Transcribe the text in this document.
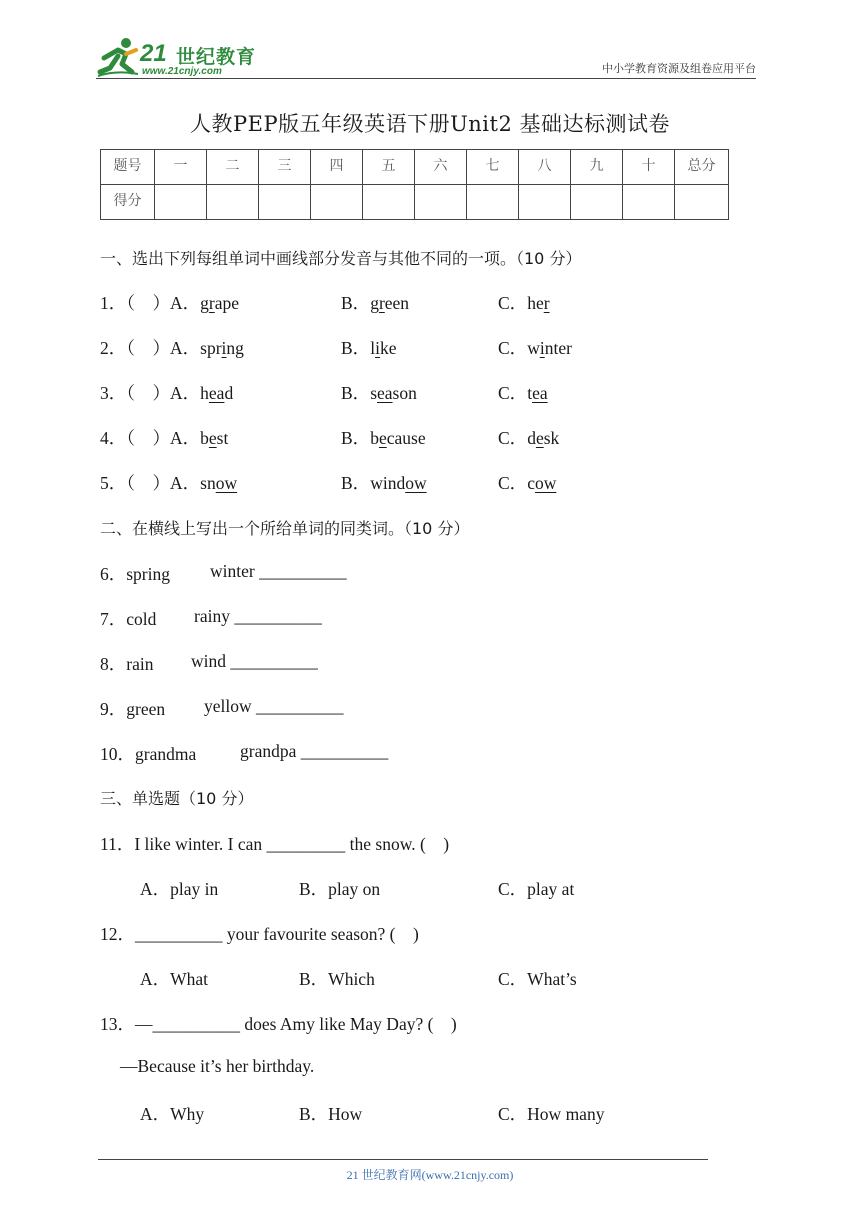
21 世纪教育
www.21cnjy.com	中小学教育资源及组卷应用平台
人教PEP版五年级英语下册Unit2 基础达标测试卷
题号	一	二	三	四	五	六	七	八	九	十	总分

得分											

一、选出下列每组单词中画线部分发音与其他不同的一项。（10 分）
1．（　）A．grape	B．green	C．her
2．（　）A．spring	B．like	C．winter
3．（　）A．head	B．season	C．tea
4．（　）A．best	B．because	C．desk
5．（　）A．snow	B．window	C．cow
二、在横线上写出一个所给单词的同类词。（10 分）
6．spring winter __________
7．cold rainy __________
8．rain wind __________
9．green yellow __________
10．grandma	grandpa __________
三、单选题（10 分）
11．I like winter. I can _________ the snow. (　)
A．play in	B．play on	C．play at
12．__________ your favourite season? (　)
A．What	B．Which	C．What’s
13．—__________ does Amy like May Day? (　)
—Because it’s her birthday.
A．Why	B．How	C．How many
21 世纪教育网(www.21cnjy.com)
